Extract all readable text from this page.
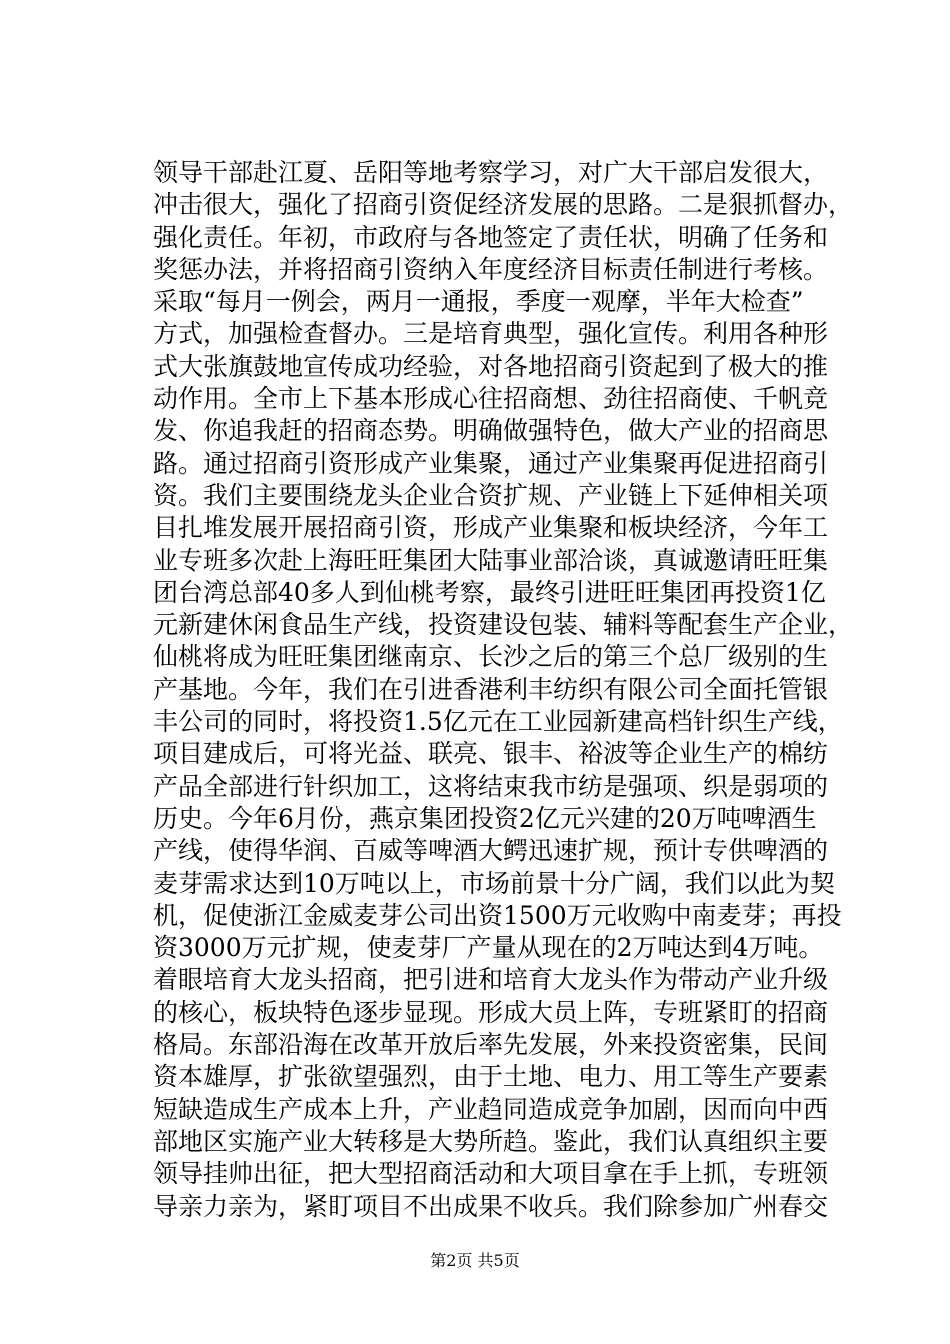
领导干部赴江夏、岳阳等地考察学习，对广大干部启发很大，
冲击很大，强化了招商引资促经济发展的思路。二是狠抓督办，
强化责任。年初，市政府与各地签定了责任状，明确了任务和
奖惩办法，并将招商引资纳入年度经济目标责任制进行考核。
采取“每月一例会，两月一通报，季度一观摩，半年大检查”
方式，加强检查督办。三是培育典型，强化宣传。利用各种形
式大张旗鼓地宣传成功经验，对各地招商引资起到了极大的推
动作用。全市上下基本形成心往招商想、劲往招商使、千帆竞
发、你追我赶的招商态势。明确做强特色，做大产业的招商思
路。通过招商引资形成产业集聚，通过产业集聚再促进招商引
资。我们主要围绕龙头企业合资扩规、产业链上下延伸相关项
目扎堆发展开展招商引资，形成产业集聚和板块经济，今年工
业专班多次赴上海旺旺集团大陆事业部洽谈，真诚邀请旺旺集
团台湾总部40多人到仙桃考察，最终引进旺旺集团再投资1亿
元新建休闲食品生产线，投资建设包装、辅料等配套生产企业，
仙桃将成为旺旺集团继南京、长沙之后的第三个总厂级别的生
产基地。今年，我们在引进香港利丰纺织有限公司全面托管银
丰公司的同时，将投资1.5亿元在工业园新建高档针织生产线，
项目建成后，可将光益、联亮、银丰、裕波等企业生产的棉纺
产品全部进行针织加工，这将结束我市纺是强项、织是弱项的
历史。今年6月份，燕京集团投资2亿元兴建的20万吨啤酒生
产线，使得华润、百威等啤酒大鳄迅速扩规，预计专供啤酒的
麦芽需求达到10万吨以上，市场前景十分广阔，我们以此为契
机，促使浙江金威麦芽公司出资1500万元收购中南麦芽；再投
资3000万元扩规，使麦芽厂产量从现在的2万吨达到4万吨。
着眼培育大龙头招商，把引进和培育大龙头作为带动产业升级
的核心，板块特色逐步显现。形成大员上阵，专班紧盯的招商
格局。东部沿海在改革开放后率先发展，外来投资密集，民间
资本雄厚，扩张欲望强烈，由于土地、电力、用工等生产要素
短缺造成生产成本上升，产业趋同造成竞争加剧，因而向中西
部地区实施产业大转移是大势所趋。鉴此，我们认真组织主要
领导挂帅出征，把大型招商活动和大项目拿在手上抓，专班领
导亲力亲为，紧盯项目不出成果不收兵。我们除参加广州春交
第2页 共5页
